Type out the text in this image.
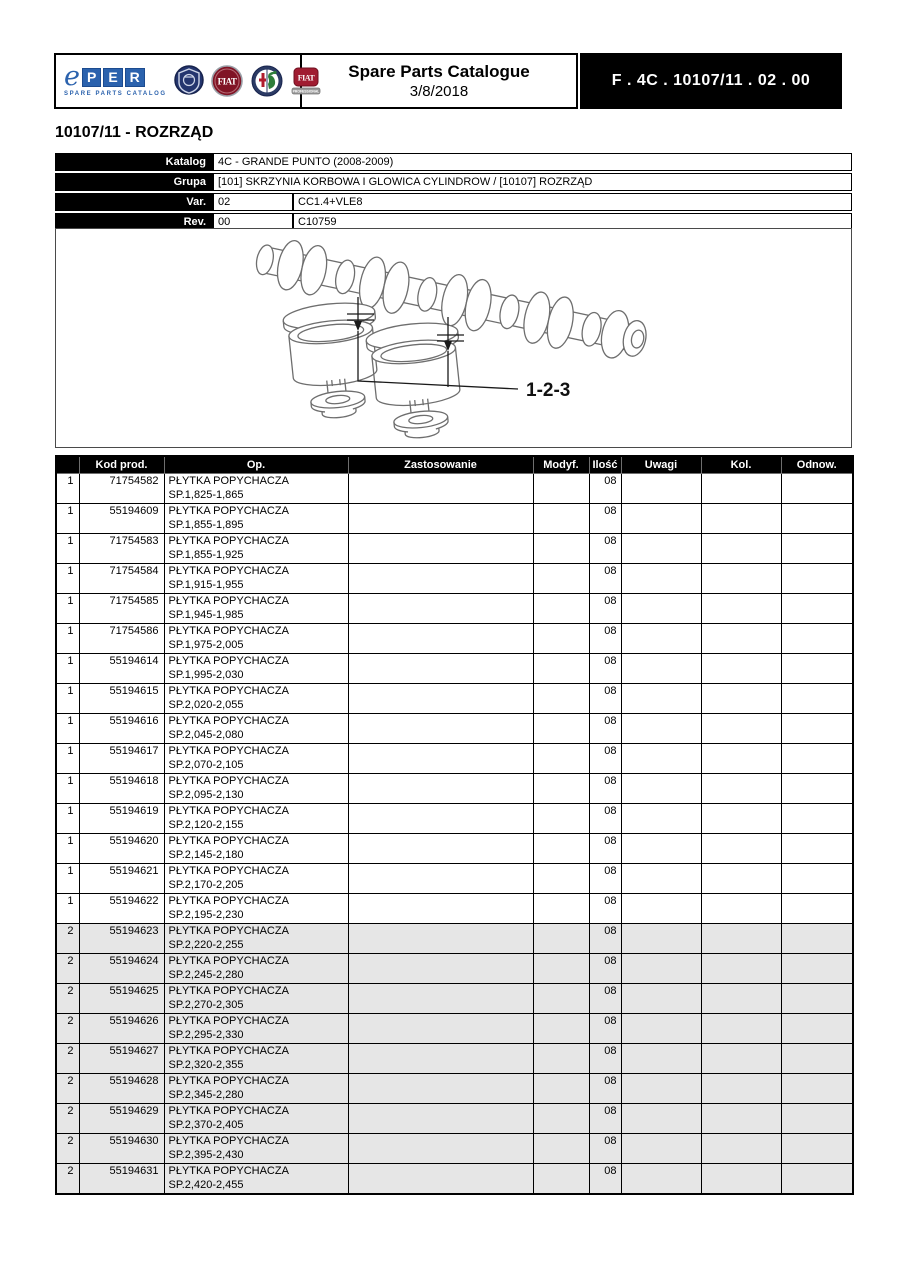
e P E R
SPARE PARTS CATALOG
FIAT	FIAT
PROFESSIONAL
Spare Parts Catalogue
3/8/2018
F . 4C . 10107/11 . 02 . 00
10107/11 - ROZRZĄD
Katalog	4C - GRANDE PUNTO (2008-2009)	
Grupa	[101] SKRZYNIA KORBOWA I GLOWICA CYLINDROW / [10107] ROZRZĄD	
Var.	02	CC1.4+VLE8
Rev.	00	C10759
1-2-3
	Kod prod.	Op.	Zastosowanie	Modyf.	Ilość	Uwagi	Kol.	Odnow.
1	71754582	PŁYTKA POPYCHACZA
SP.1,825-1,865			08			
1	55194609	PŁYTKA POPYCHACZA
SP.1,855-1,895			08			
1	71754583	PŁYTKA POPYCHACZA
SP.1,855-1,925			08			
1	71754584	PŁYTKA POPYCHACZA
SP.1,915-1,955			08			
1	71754585	PŁYTKA POPYCHACZA
SP.1,945-1,985			08			
1	71754586	PŁYTKA POPYCHACZA
SP.1,975-2,005			08			
1	55194614	PŁYTKA POPYCHACZA
SP.1,995-2,030			08			
1	55194615	PŁYTKA POPYCHACZA
SP.2,020-2,055			08			
1	55194616	PŁYTKA POPYCHACZA
SP.2,045-2,080			08			
1	55194617	PŁYTKA POPYCHACZA
SP.2,070-2,105			08			
1	55194618	PŁYTKA POPYCHACZA
SP.2,095-2,130			08			
1	55194619	PŁYTKA POPYCHACZA
SP.2,120-2,155			08			
1	55194620	PŁYTKA POPYCHACZA
SP.2,145-2,180			08			
1	55194621	PŁYTKA POPYCHACZA
SP.2,170-2,205			08			
1	55194622	PŁYTKA POPYCHACZA
SP.2,195-2,230			08			
2	55194623	PŁYTKA POPYCHACZA
SP.2,220-2,255			08			
2	55194624	PŁYTKA POPYCHACZA
SP.2,245-2,280			08			
2	55194625	PŁYTKA POPYCHACZA
SP.2,270-2,305			08			
2	55194626	PŁYTKA POPYCHACZA
SP.2,295-2,330			08			
2	55194627	PŁYTKA POPYCHACZA
SP.2,320-2,355			08			
2	55194628	PŁYTKA POPYCHACZA
SP.2,345-2,280			08			
2	55194629	PŁYTKA POPYCHACZA
SP.2,370-2,405			08			
2	55194630	PŁYTKA POPYCHACZA
SP.2,395-2,430			08			
2	55194631	PŁYTKA POPYCHACZA
SP.2,420-2,455			08			
